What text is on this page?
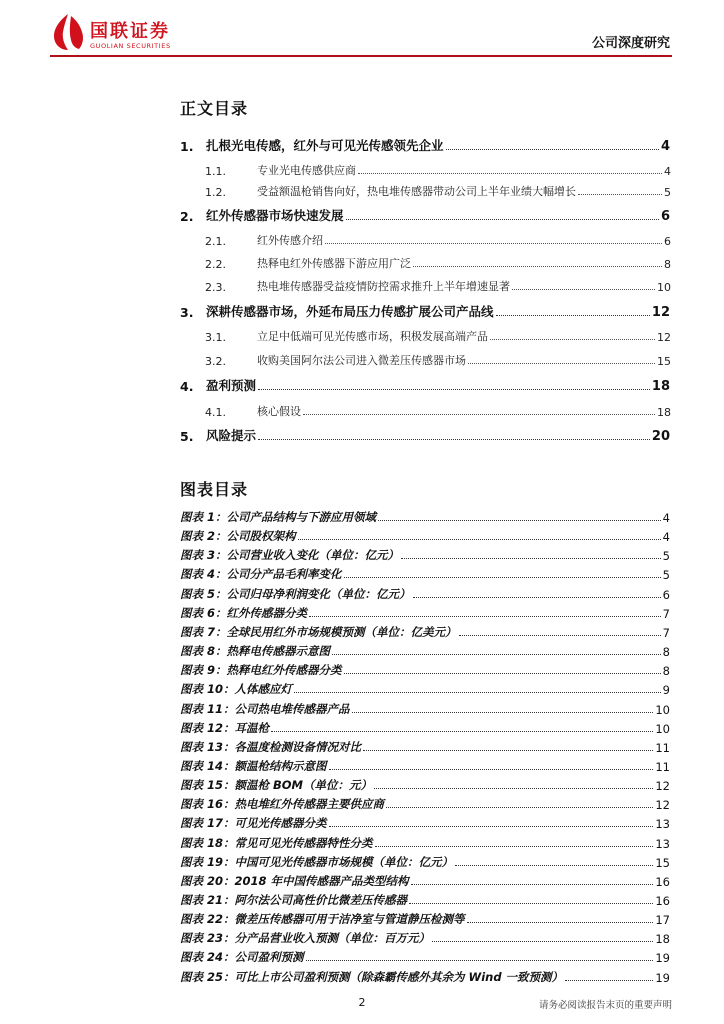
国联证券
GUOLIAN SECURITIES	公司深度研究
正文目录
1.	扎根光电传感，红外与可见光传感领先企业	4
1.1.	专业光电传感供应商	4
1.2.	受益额温枪销售向好，热电堆传感器带动公司上半年业绩大幅增长	5
2.	红外传感器市场快速发展	6
2.1.	红外传感介绍	6
2.2.	热释电红外传感器下游应用广泛	8
2.3.	热电堆传感器受益疫情防控需求推升上半年增速显著	10
3.	深耕传感器市场，外延布局压力传感扩展公司产品线	12
3.1.	立足中低端可见光传感市场，积极发展高端产品	12
3.2.	收购美国阿尔法公司进入微差压传感器市场	15
4.	盈利预测	18
4.1.	核心假设	18
5.	风险提示	20
图表目录
图表 1：公司产品结构与下游应用领域	4
图表 2：公司股权架构	4
图表 3：公司营业收入变化（单位：亿元）	5
图表 4：公司分产品毛利率变化	5
图表 5：公司归母净利润变化（单位：亿元）	6
图表 6：红外传感器分类	7
图表 7：全球民用红外市场规模预测（单位：亿美元）	7
图表 8：热释电传感器示意图	8
图表 9：热释电红外传感器分类	8
图表 10：人体感应灯	9
图表 11：公司热电堆传感器产品	10
图表 12：耳温枪	10
图表 13：各温度检测设备情况对比	11
图表 14：额温枪结构示意图	11
图表 15：额温枪 BOM（单位：元）	12
图表 16：热电堆红外传感器主要供应商	12
图表 17：可见光传感器分类	13
图表 18：常见可见光传感器特性分类	13
图表 19：中国可见光传感器市场规模（单位：亿元）	15
图表 20：2018 年中国传感器产品类型结构	16
图表 21：阿尔法公司高性价比微差压传感器	16
图表 22：微差压传感器可用于洁净室与管道静压检测等	17
图表 23：分产品营业收入预测（单位：百万元）	18
图表 24：公司盈利预测	19
图表 25：可比上市公司盈利预测（除森霸传感外其余为 Wind 一致预测）	19
2	请务必阅读报告末页的重要声明
